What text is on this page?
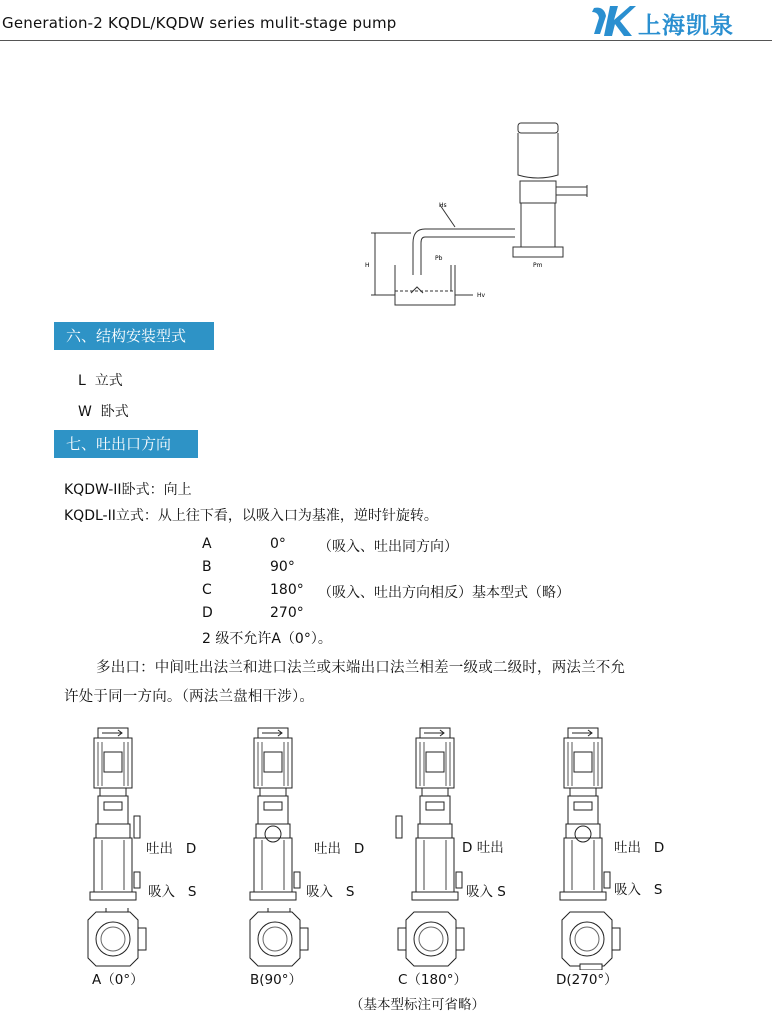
Generation-2 KQDL/KQDW series mulit-stage pump	上海凯泉
Hs
H
Pb
Hv
Pm
六、结构安装型式
L 立式
W 卧式
七、吐出口方向
KQDW-II卧式：向上
KQDL-II立式：从上往下看，以吸入口为基准，逆时针旋转。
A	0° （吸入、吐出同方向）
B	90°
C	180° （吸入、吐出方向相反）基本型式（略）
D	270°
2 级不允许A（0°）。
多出口：中间吐出法兰和进口法兰或末端出口法兰相差一级或二级时，两法兰不允
许处于同一方向。（两法兰盘相干涉）。
吐出 D
吸入 S
吐出 D
吸入 S
D 吐出
吸入 S
吐出 D
吸入 S
A（0°）	B(90°）	C（180°）	D(270°）
（基本型标注可省略）
